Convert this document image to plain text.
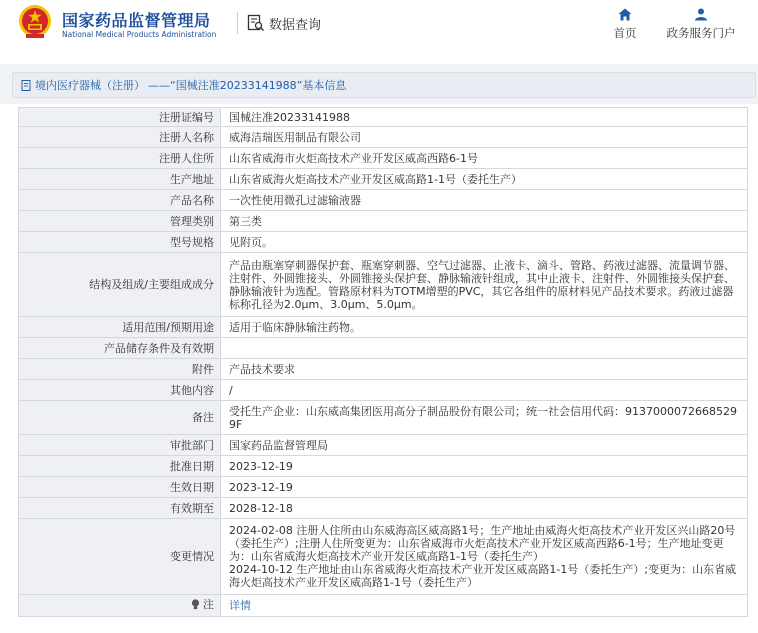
国家药品监督管理局
National Medical Products Administration
数据查询
首页	政务服务门户
境内医疗器械（注册） ——“国械注准20233141988”基本信息
注册证编号	国械注准20233141988
注册人名称	威海洁瑞医用制品有限公司
注册人住所	山东省威海市火炬高技术产业开发区威高西路6-1号
生产地址	山东省威海火炬高技术产业开发区威高路1-1号（委托生产）
产品名称	一次性使用微孔过滤输液器
管理类别	第三类
型号规格	见附页。
结构及组成/主要组成成分	产品由瓶塞穿刺器保护套、瓶塞穿刺器、空气过滤器、止液卡、滴斗、管路、药液过滤器、流量调节器、注射件、外圆锥接头、外圆锥接头保护套、静脉输液针组成，其中止液卡、注射件、外圆锥接头保护套、静脉输液针为选配。管路原材料为TOTM增塑的PVC，其它各组件的原材料见产品技术要求。药液过滤器标称孔径为2.0μm、3.0μm、5.0μm。
适用范围/预期用途	适用于临床静脉输注药物。
产品储存条件及有效期	
附件	产品技术要求
其他内容	/
备注	受托生产企业：山东威高集团医用高分子制品股份有限公司；统一社会信用代码：91370000726685299F
审批部门	国家药品监督管理局
批准日期	2023-12-19
生效日期	2023-12-19
有效期至	2028-12-18
变更情况	2024-02-08 注册人住所由山东威海高区威高路1号；生产地址由威海火炬高技术产业开发区兴山路20号（委托生产）;注册人住所变更为：山东省威海市火炬高技术产业开发区威高西路6-1号；生产地址变更为：山东省威海火炬高技术产业开发区威高路1-1号（委托生产）
2024-10-12 生产地址由山东省威海火炬高技术产业开发区威高路1-1号（委托生产）;变更为：山东省威海火炬高技术产业开发区威高路1-1号（委托生产）

注	详情
